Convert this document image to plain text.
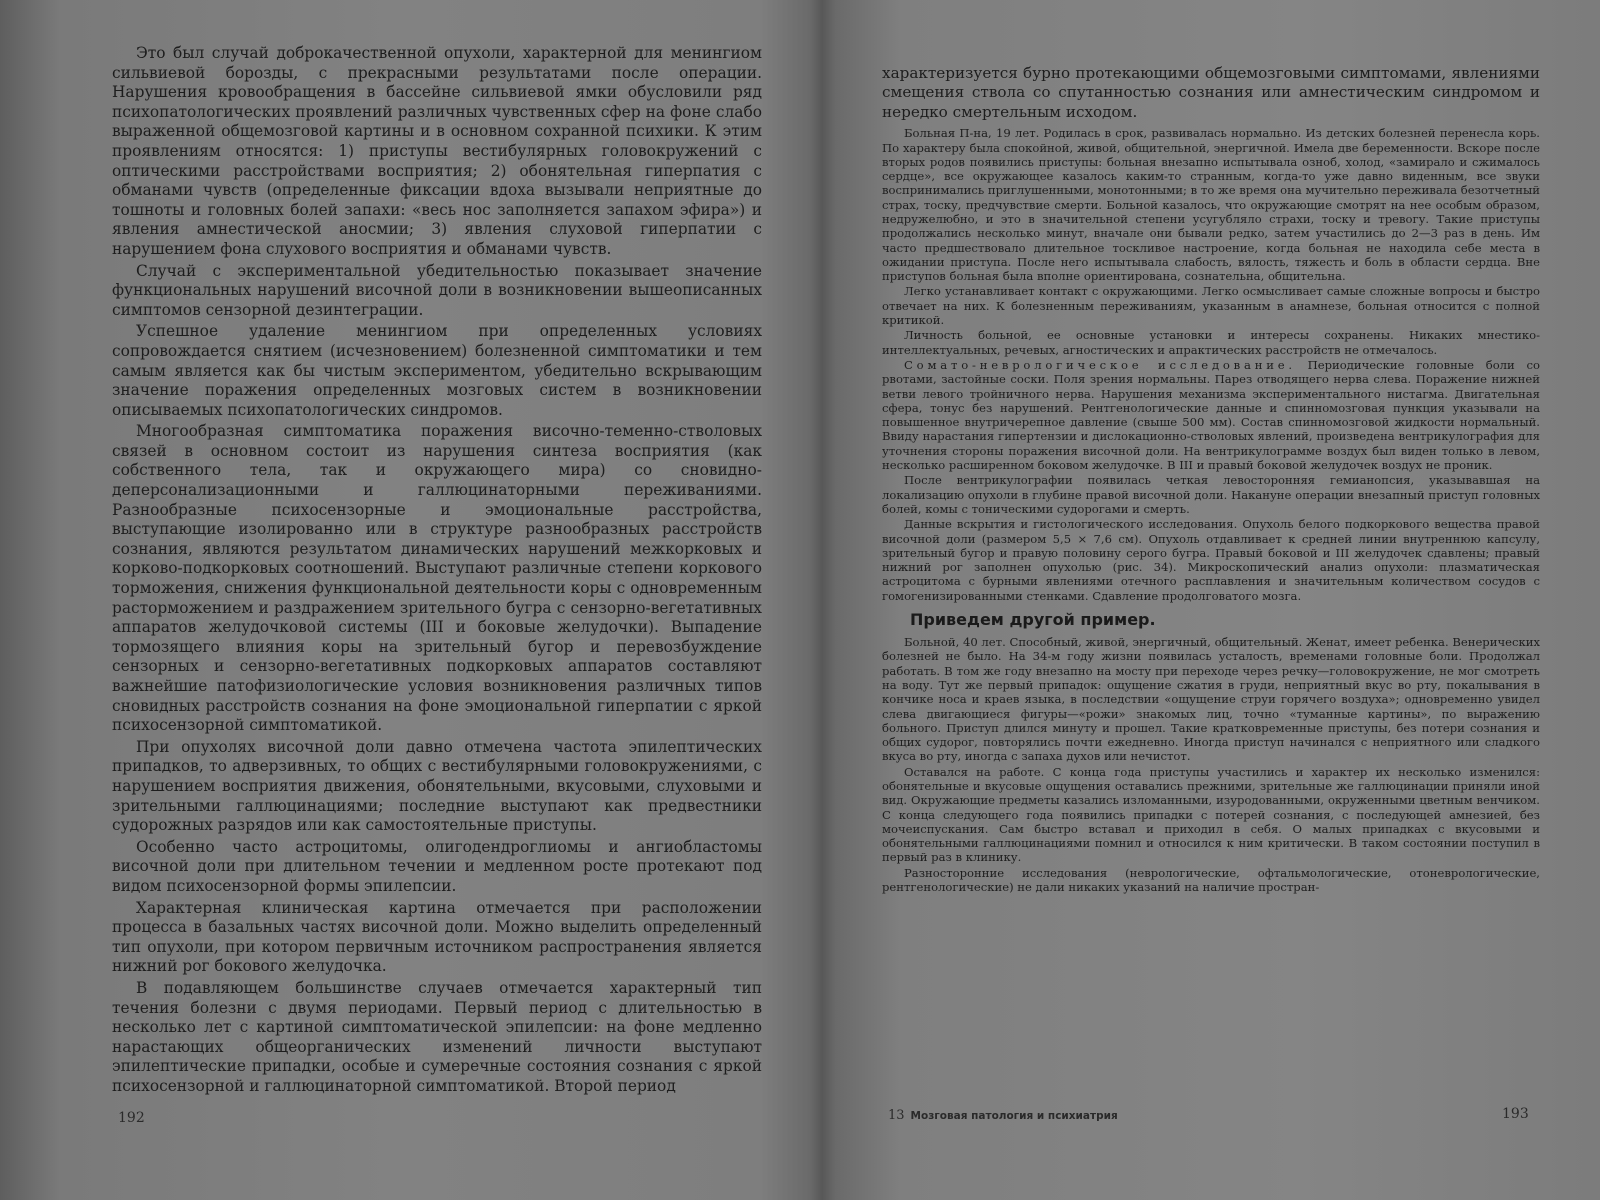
Это был случай доброкачественной опухоли, характерной для менингиом сильвиевой борозды, с прекрасными результатами после операции. Нарушения кровообращения в бассейне сильвиевой ямки обусловили ряд психопатологических проявлений различных чувственных сфер на фоне слабо выраженной общемозговой картины и в основном сохранной психики. К этим проявлениям относятся: 1) приступы вестибулярных головокружений с оптическими расстройствами восприятия; 2) обонятельная гиперпатия с обманами чувств (определенные фиксации вдоха вызывали неприятные до тошноты и головных болей запахи: «весь нос заполняется запахом эфира») и явления амнестической аносмии; 3) явления слуховой гиперпатии с нарушением фона слухового восприятия и обманами чувств.

Случай с экспериментальной убедительностью показывает значение функциональных нарушений височной доли в возникновении вышеописанных симптомов сензорной дезинтеграции.

Успешное удаление менингиом при определенных условиях сопровождается снятием (исчезновением) болезненной симптоматики и тем самым является как бы чистым экспериментом, убедительно вскрывающим значение поражения определенных мозговых систем в возникновении описываемых психопатологических синдромов.

Многообразная симптоматика поражения височно-теменно-стволовых связей в основном состоит из нарушения синтеза восприятия (как собственного тела, так и окружающего мира) со сновидно-деперсонализационными и галлюцинаторными переживаниями. Разнообразные психосензорные и эмоциональные расстройства, выступающие изолированно или в структуре разнообразных расстройств сознания, являются результатом динамических нарушений межкорковых и корково-подкорковых соотношений. Выступают различные степени коркового торможения, снижения функциональной деятельности коры с одновременным расторможением и раздражением зрительного бугра с сензорно-вегетативных аппаратов желудочковой системы (III и боковые желудочки). Выпадение тормозящего влияния коры на зрительный бугор и перевозбуждение сензорных и сензорно-вегетативных подкорковых аппаратов составляют важнейшие патофизиологические условия возникновения различных типов сновидных расстройств сознания на фоне эмоциональной гиперпатии с яркой психосензорной симптоматикой.

При опухолях височной доли давно отмечена частота эпилептических припадков, то адверзивных, то общих с вестибулярными головокружениями, с нарушением восприятия движения, обонятельными, вкусовыми, слуховыми и зрительными галлюцинациями; последние выступают как предвестники судорожных разрядов или как самостоятельные приступы.

Особенно часто астроцитомы, олигодендроглиомы и ангиобластомы височной доли при длительном течении и медленном росте протекают под видом психосензорной формы эпилепсии.

Характерная клиническая картина отмечается при расположении процесса в базальных частях височной доли. Можно выделить определенный тип опухоли, при котором первичным источником распространения является нижний рог бокового желудочка.

В подавляющем большинстве случаев отмечается характерный тип течения болезни с двумя периодами. Первый период с длительностью в несколько лет с картиной симптоматической эпилепсии: на фоне медленно нарастающих общеорганических изменений личности выступают эпилептические припадки, особые и сумеречные состояния сознания с яркой психосензорной и галлюцинаторной симптоматикой. Второй период

192

характеризуется бурно протекающими общемозговыми симптомами, явлениями смещения ствола со спутанностью сознания или амнестическим синдромом и нередко смертельным исходом.

Больная П-на, 19 лет. Родилась в срок, развивалась нормально. Из детских болезней перенесла корь. По характеру была спокойной, живой, общительной, энергичной. Имела две беременности. Вскоре после вторых родов появились приступы: больная внезапно испытывала озноб, холод, «замирало и сжималось сердце», все окружающее казалось каким-то странным, когда-то уже давно виденным, все звуки воспринимались приглушенными, монотонными; в то же время она мучительно переживала безотчетный страх, тоску, предчувствие смерти. Больной казалось, что окружающие смотрят на нее особым образом, недружелюбно, и это в значительной степени усугубляло страхи, тоску и тревогу. Такие приступы продолжались несколько минут, вначале они бывали редко, затем участились до 2—3 раз в день. Им часто предшествовало длительное тоскливое настроение, когда больная не находила себе места в ожидании приступа. После него испытывала слабость, вялость, тяжесть и боль в области сердца. Вне приступов больная была вполне ориентирована, сознательна, общительна.

Легко устанавливает контакт с окружающими. Легко осмысливает самые сложные вопросы и быстро отвечает на них. К болезненным переживаниям, указанным в анамнезе, больная относится с полной критикой.

Личность больной, ее основные установки и интересы сохранены. Никаких мнестико-интеллектуальных, речевых, агностических и апрактических расстройств не отмечалось.

Сомато-неврологическое исследование. Периодические головные боли со рвотами, застойные соски. Поля зрения нормальны. Парез отводящего нерва слева. Поражение нижней ветви левого тройничного нерва. Нарушения механизма экспериментального нистагма. Двигательная сфера, тонус без нарушений. Рентгенологические данные и спинномозговая пункция указывали на повышенное внутричерепное давление (свыше 500 мм). Состав спинномозговой жидкости нормальный. Ввиду нарастания гипертензии и дислокационно-стволовых явлений, произведена вентрикулография для уточнения стороны поражения височной доли. На вентрикулограмме воздух был виден только в левом, несколько расширенном боковом желудочке. В III и правый боковой желудочек воздух не проник.

После вентрикулографии появилась четкая левосторонняя гемианопсия, указывавшая на локализацию опухоли в глубине правой височной доли. Накануне операции внезапный приступ головных болей, комы с тоническими судорогами и смерть.

Данные вскрытия и гистологического исследования. Опухоль белого подкоркового вещества правой височной доли (размером 5,5 × 7,6 см). Опухоль отдавливает к средней линии внутреннюю капсулу, зрительный бугор и правую половину серого бугра. Правый боковой и III желудочек сдавлены; правый нижний рог заполнен опухолью (рис. 34). Микроскопический анализ опухоли: плазматическая астроцитома с бурными явлениями отечного расплавления и значительным количеством сосудов с гомогенизированными стенками. Сдавление продолговатого мозга.

Приведем другой пример.

Больной, 40 лет. Способный, живой, энергичный, общительный. Женат, имеет ребенка. Венерических болезней не было. На 34-м году жизни появилась усталость, временами головные боли. Продолжал работать. В том же году внезапно на мосту при переходе через речку—головокружение, не мог смотреть на воду. Тут же первый припадок: ощущение сжатия в груди, неприятный вкус во рту, покалывания в кончике носа и краев языка, в последствии «ощущение струи горячего воздуха»; одновременно увидел слева двигающиеся фигуры—«рожи» знакомых лиц, точно «туманные картины», по выражению больного. Приступ длился минуту и прошел. Такие кратковременные приступы, без потери сознания и общих судорог, повторялись почти ежедневно. Иногда приступ начинался с неприятного или сладкого вкуса во рту, иногда с запаха духов или нечистот.

Оставался на работе. С конца года приступы участились и характер их несколько изменился: обонятельные и вкусовые ощущения оставались прежними, зрительные же галлюцинации приняли иной вид. Окружающие предметы казались изломанными, изуродованными, окруженными цветным венчиком. С конца следующего года появились припадки с потерей сознания, с последующей амнезией, без мочеиспускания. Сам быстро вставал и приходил в себя. О малых припадках с вкусовыми и обонятельными галлюцинациями помнил и относился к ним критически. В таком состоянии поступил в первый раз в клинику.

Разносторонние исследования (неврологические, офтальмологические, отоневрологические, рентгенологические) не дали никаких указаний на наличие простран-

13 Мозговая патология и психиатрия	193
